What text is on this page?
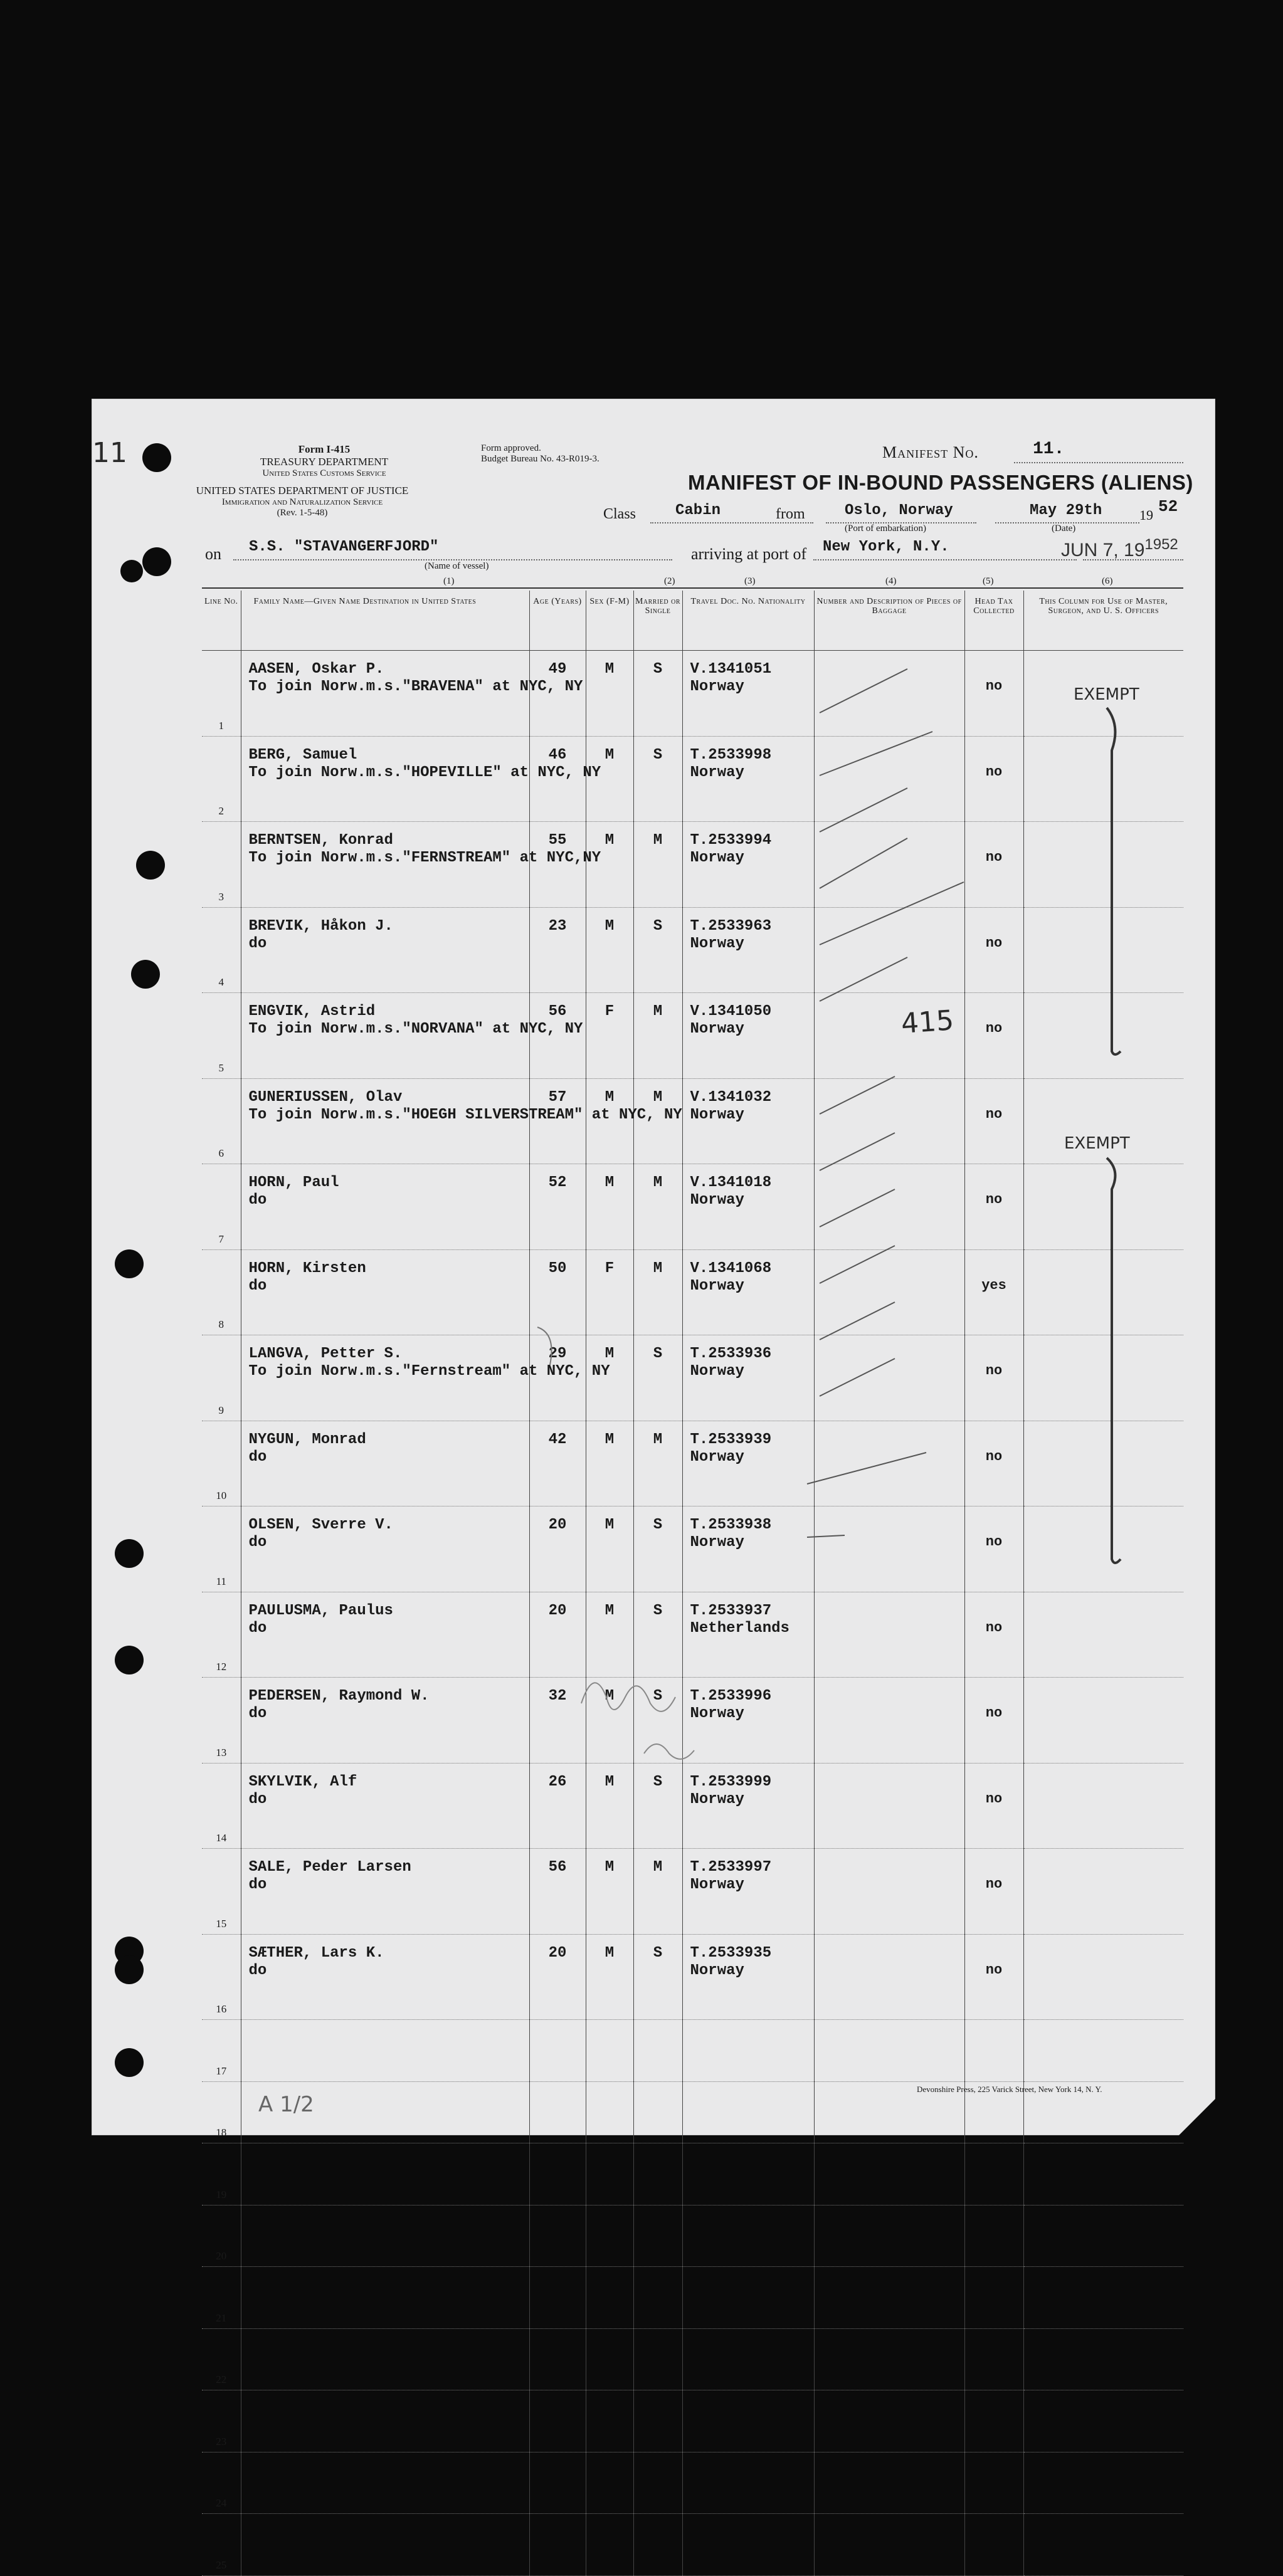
11	Form I-415
TREASURY DEPARTMENT
United States Customs Service
UNITED STATES DEPARTMENT OF JUSTICE
Immigration and Naturalization Service
(Rev. 1-5-48)
Form approved.
Budget Bureau No. 43-R019-3.	Manifest No.	11.
MANIFEST OF IN-BOUND PASSENGERS (ALIENS)
Class	Cabin	from	Oslo, Norway
(Port of embarkation)
May 29th	19 52
(Date)
on S.S. "STAVANGERFJORD"
(Name of vessel)
arriving at port of New York, N.Y.	JUN 7, $19^{1952}$
(1)	(2)	(3)	(4)	(5)	(6)
Line No.	Family Name—Given Name Destination in United States	Age (Years)	Sex (F-M)	Married or Single	Travel Doc. No. Nationality	Number and Description of Pieces of Baggage	Head Tax Collected	This Column for Use of Master, Surgeon, and U. S. Officers
1	AASEN, Oskar P.
To join Norw.m.s."BRAVENA" at NYC, NY	49	M	S	V.1341051
Norway		no	
2	BERG, Samuel
To join Norw.m.s."HOPEVILLE" at NYC, NY	46	M	S	T.2533998
Norway		no	
3	BERNTSEN, Konrad
To join Norw.m.s."FERNSTREAM" at NYC,NY	55	M	M	T.2533994
Norway		no	
4	BREVIK, Håkon J.
do	23	M	S	T.2533963
Norway		no	
5	ENGVIK, Astrid
To join Norw.m.s."NORVANA" at NYC, NY	56	F	M	V.1341050
Norway		no	
6	GUNERIUSSEN, Olav
To join Norw.m.s."HOEGH SILVERSTREAM" at NYC, NY	57	M	M	V.1341032
Norway		no	
7	HORN, Paul
do	52	M	M	V.1341018
Norway		no	
8	HORN, Kirsten
do	50	F	M	V.1341068
Norway		yes	
9	LANGVA, Petter S.
To join Norw.m.s."Fernstream" at NYC, NY	29	M	S	T.2533936
Norway		no	
10	NYGUN, Monrad
do	42	M	M	T.2533939
Norway		no	
11	OLSEN, Sverre V.
do	20	M	S	T.2533938
Norway		no	
12	PAULUSMA, Paulus
do	20	M	S	T.2533937
Netherlands		no	
13	PEDERSEN, Raymond W.
do	32	M	S	T.2533996
Norway		no	
14	SKYLVIK, Alf
do	26	M	S	T.2533999
Norway		no	
15	SALE, Peder Larsen
do	56	M	M	T.2533997
Norway		no	
16	SÆTHER, Lars K.
do	20	M	S	T.2533935
Norway		no	
17								
18								
19								
20								
21								
22								
23								
24								
25								
EXEMPT
EXEMPT
415
A 1/2
Devonshire Press, 225 Varick Street, New York 14, N. Y.
